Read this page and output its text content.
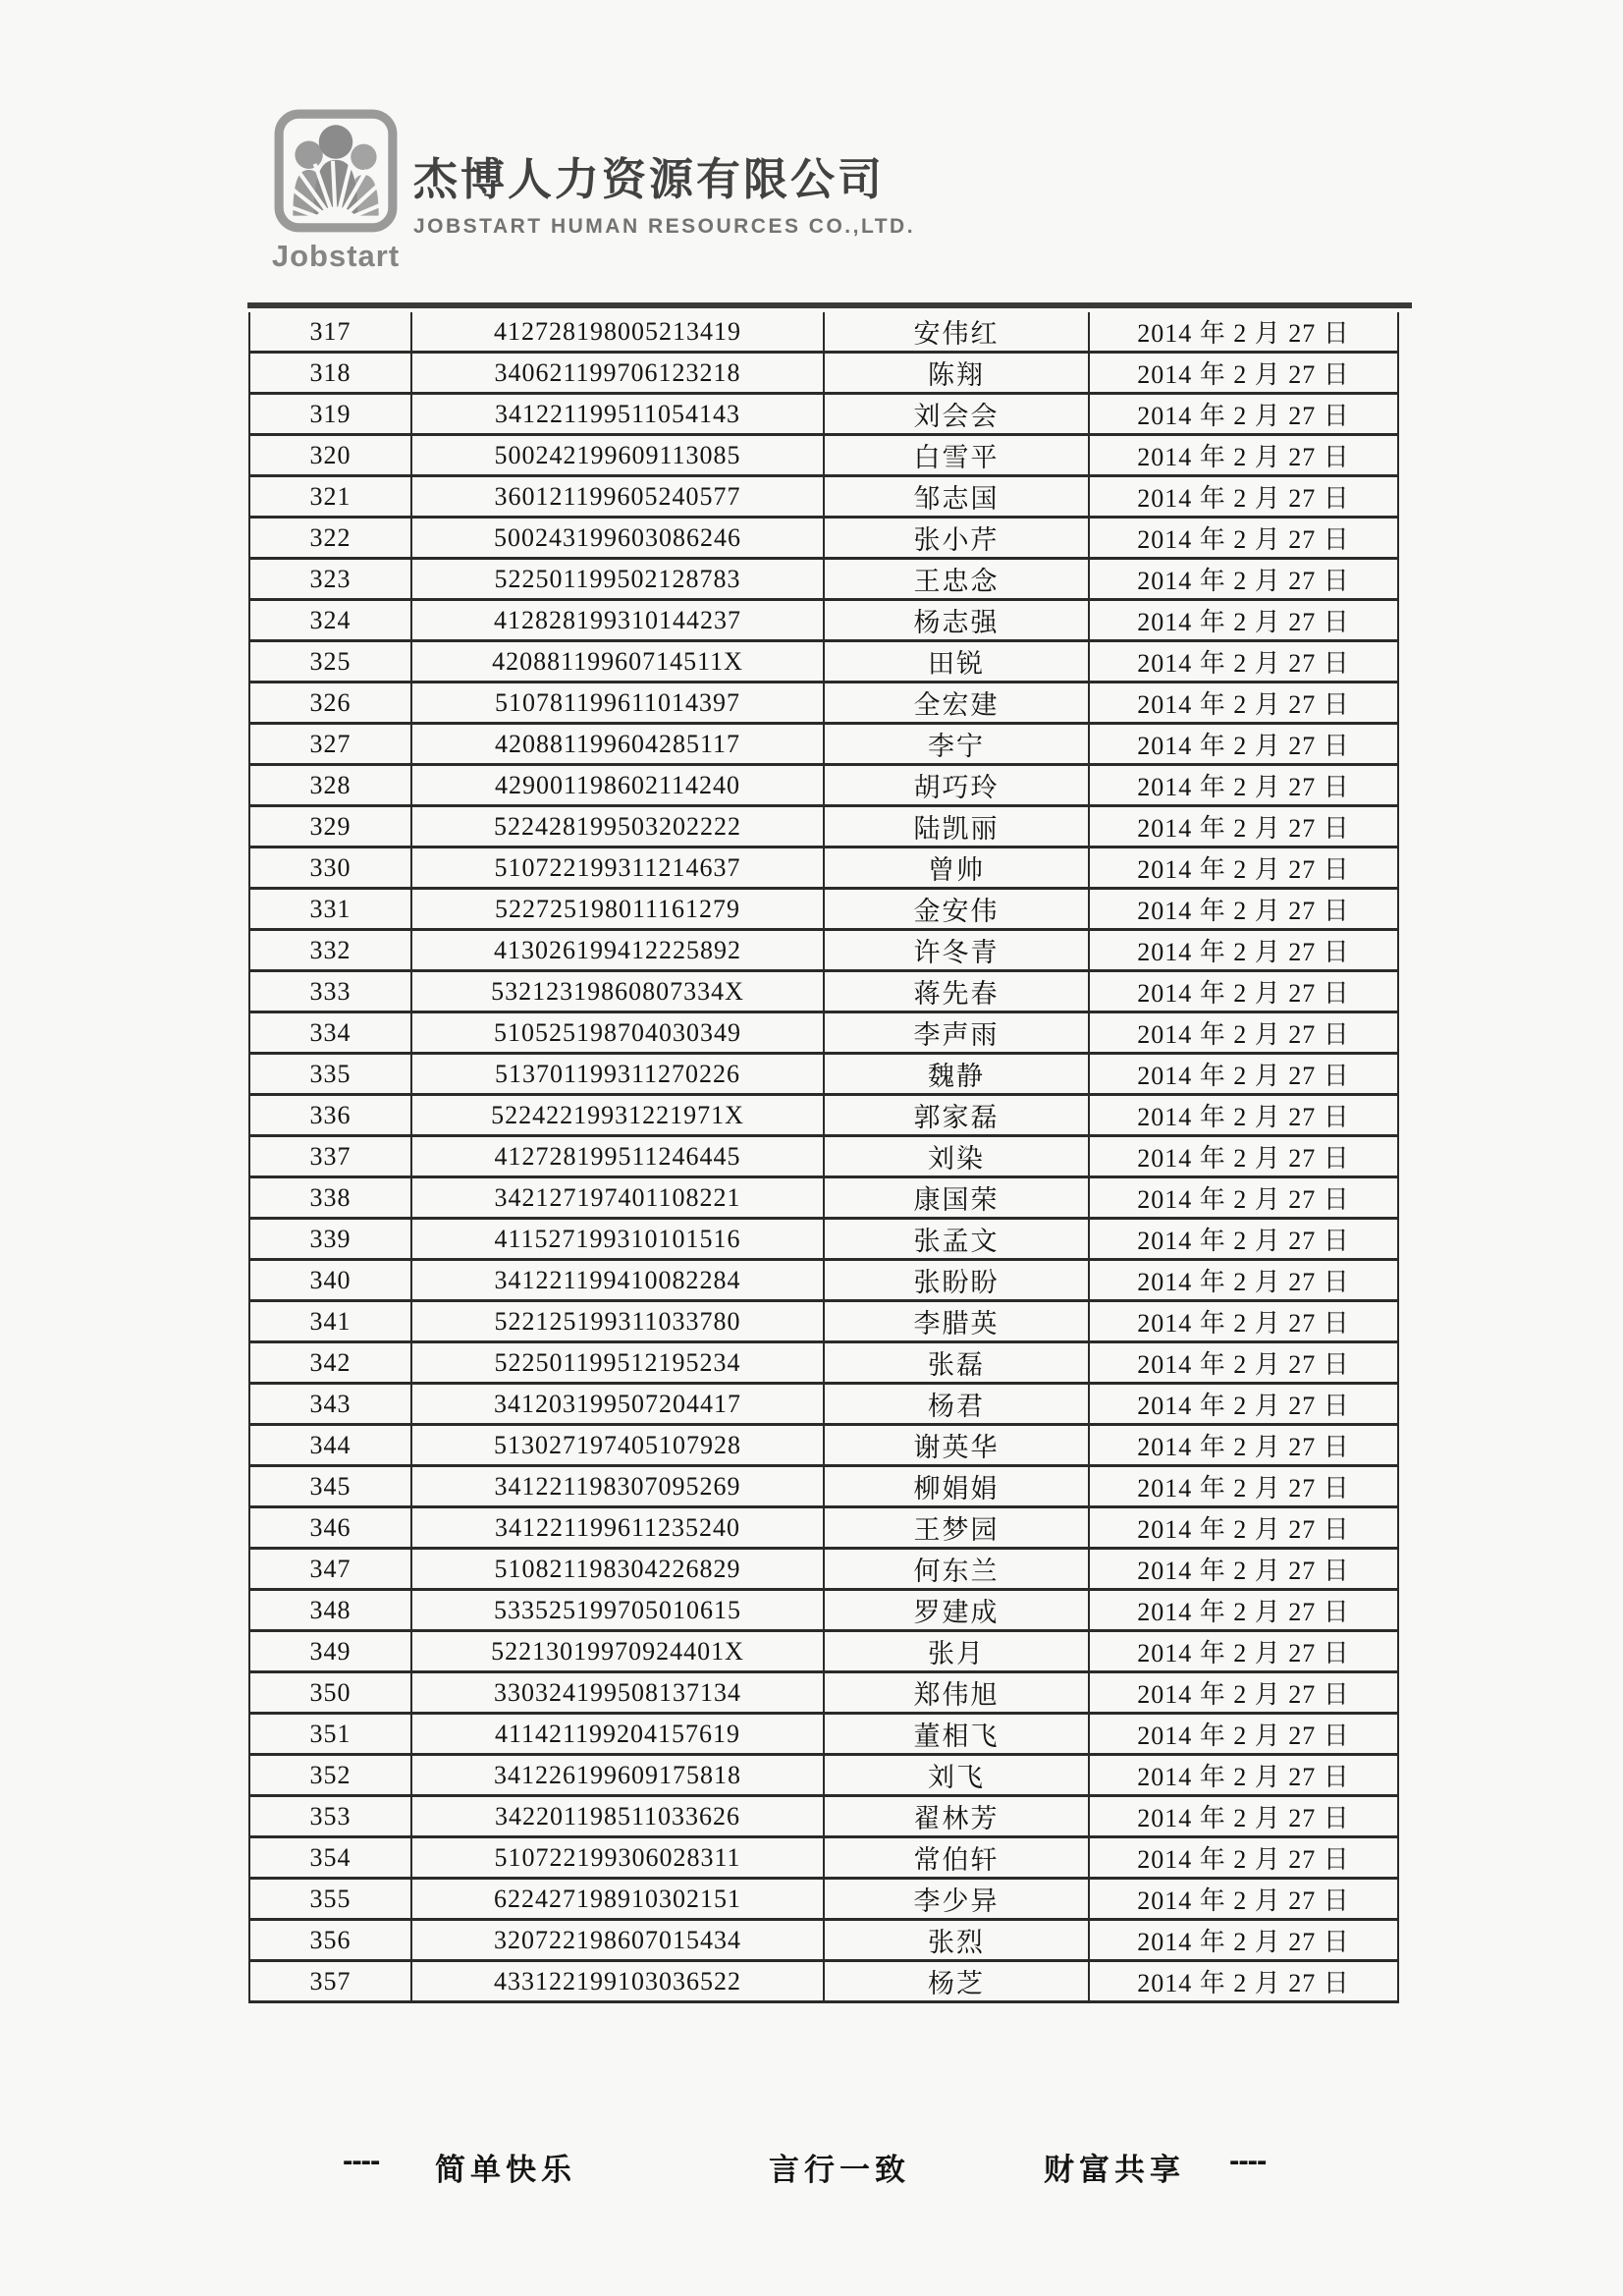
Jobstart
杰博人力资源有限公司
JOBSTART HUMAN RESOURCES CO.,LTD.
317	412728198005213419	安伟红	2014 年 2 月 27 日
318	340621199706123218	陈翔	2014 年 2 月 27 日
319	341221199511054143	刘会会	2014 年 2 月 27 日
320	500242199609113085	白雪平	2014 年 2 月 27 日
321	360121199605240577	邹志国	2014 年 2 月 27 日
322	500243199603086246	张小芹	2014 年 2 月 27 日
323	522501199502128783	王忠念	2014 年 2 月 27 日
324	412828199310144237	杨志强	2014 年 2 月 27 日
325	42088119960714511X	田锐	2014 年 2 月 27 日
326	510781199611014397	全宏建	2014 年 2 月 27 日
327	420881199604285117	李宁	2014 年 2 月 27 日
328	429001198602114240	胡巧玲	2014 年 2 月 27 日
329	522428199503202222	陆凯丽	2014 年 2 月 27 日
330	510722199311214637	曾帅	2014 年 2 月 27 日
331	522725198011161279	金安伟	2014 年 2 月 27 日
332	413026199412225892	许冬青	2014 年 2 月 27 日
333	53212319860807334X	蒋先春	2014 年 2 月 27 日
334	510525198704030349	李声雨	2014 年 2 月 27 日
335	513701199311270226	魏静	2014 年 2 月 27 日
336	52242219931221971X	郭家磊	2014 年 2 月 27 日
337	412728199511246445	刘染	2014 年 2 月 27 日
338	342127197401108221	康国荣	2014 年 2 月 27 日
339	411527199310101516	张孟文	2014 年 2 月 27 日
340	341221199410082284	张盼盼	2014 年 2 月 27 日
341	522125199311033780	李腊英	2014 年 2 月 27 日
342	522501199512195234	张磊	2014 年 2 月 27 日
343	341203199507204417	杨君	2014 年 2 月 27 日
344	513027197405107928	谢英华	2014 年 2 月 27 日
345	341221198307095269	柳娟娟	2014 年 2 月 27 日
346	341221199611235240	王梦园	2014 年 2 月 27 日
347	510821198304226829	何东兰	2014 年 2 月 27 日
348	533525199705010615	罗建成	2014 年 2 月 27 日
349	52213019970924401X	张月	2014 年 2 月 27 日
350	330324199508137134	郑伟旭	2014 年 2 月 27 日
351	411421199204157619	董相飞	2014 年 2 月 27 日
352	341226199609175818	刘飞	2014 年 2 月 27 日
353	342201198511033626	翟林芳	2014 年 2 月 27 日
354	510722199306028311	常伯轩	2014 年 2 月 27 日
355	622427198910302151	李少异	2014 年 2 月 27 日
356	320722198607015434	张烈	2014 年 2 月 27 日
357	433122199103036522	杨芝	2014 年 2 月 27 日
---- 简单快乐	言行一致	财富共享 ----
